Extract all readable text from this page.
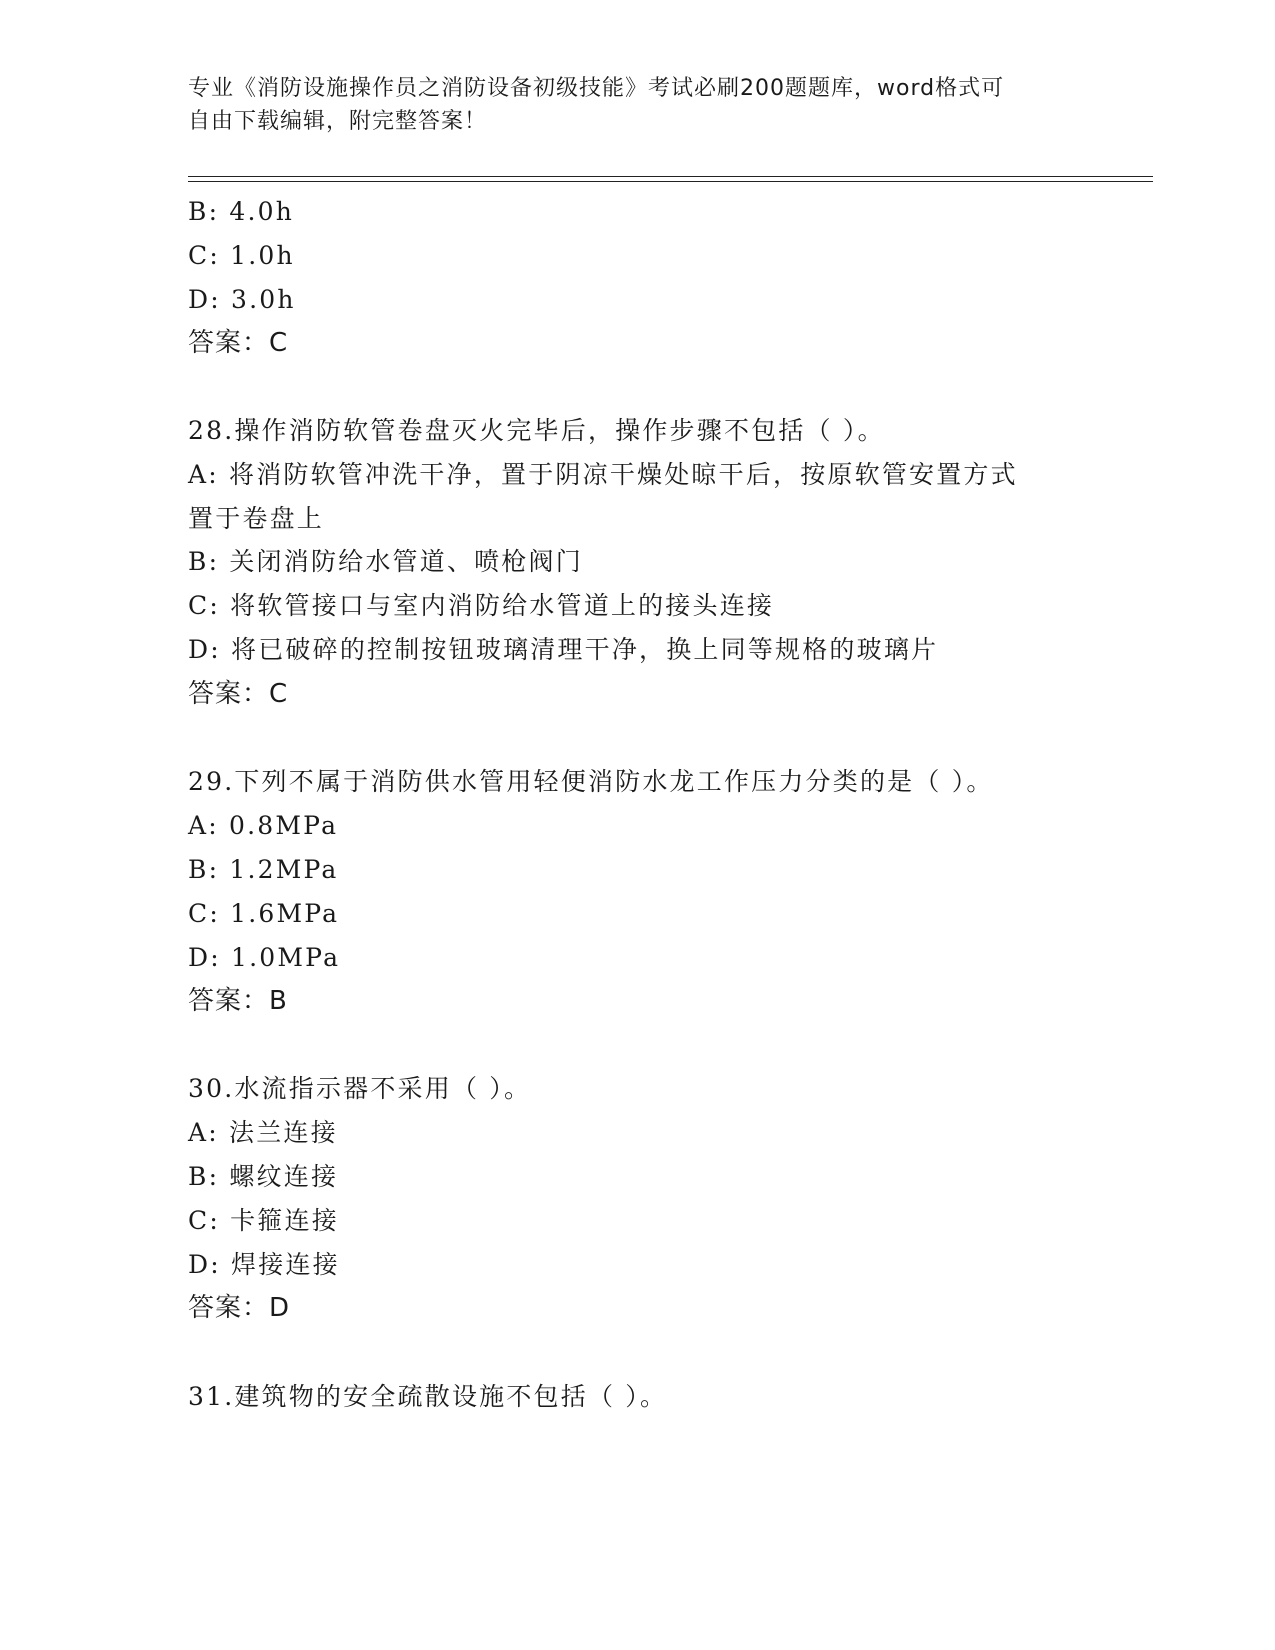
专业《消防设施操作员之消防设备初级技能》考试必刷200题题库，word格式可
自由下载编辑，附完整答案！
B: 4.0h
C: 1.0h
D: 3.0h
答案：C
28.操作消防软管卷盘灭火完毕后，操作步骤不包括（ ）。
A: 将消防软管冲洗干净，置于阴凉干燥处晾干后，按原软管安置方式
置于卷盘上
B: 关闭消防给水管道、喷枪阀门
C: 将软管接口与室内消防给水管道上的接头连接
D: 将已破碎的控制按钮玻璃清理干净，换上同等规格的玻璃片
答案：C
29.下列不属于消防供水管用轻便消防水龙工作压力分类的是（ ）。
A: 0.8MPa
B: 1.2MPa
C: 1.6MPa
D: 1.0MPa
答案：B
30.水流指示器不采用（ ）。
A: 法兰连接
B: 螺纹连接
C: 卡箍连接
D: 焊接连接
答案：D
31.建筑物的安全疏散设施不包括（ ）。
